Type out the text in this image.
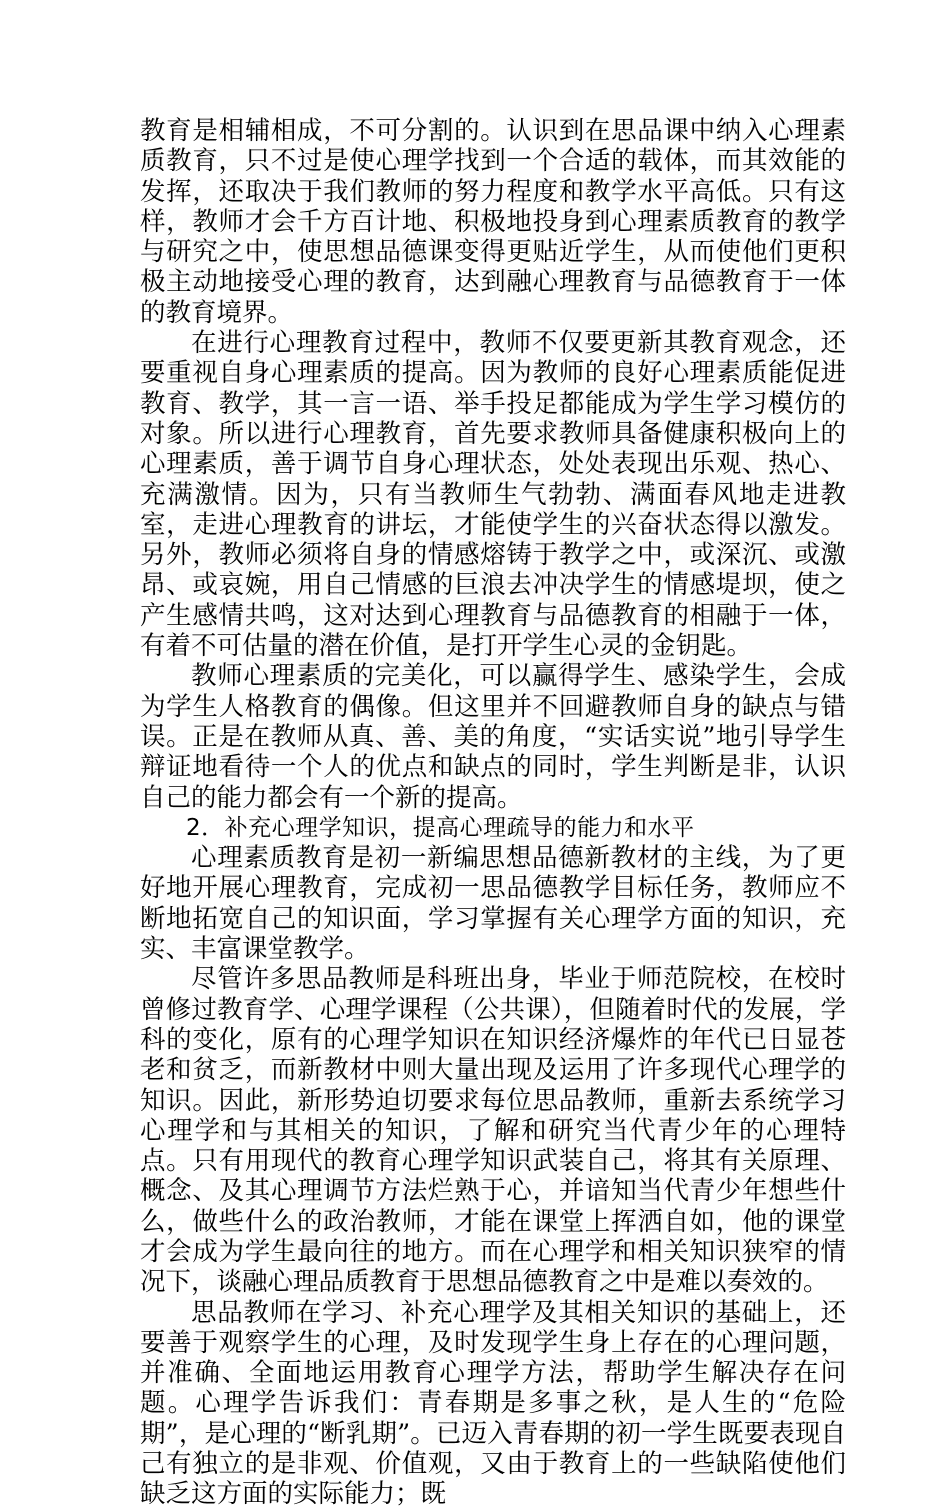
教育是相辅相成，不可分割的。认识到在思品课中纳入心理素质教育，只不过是使心理学找到一个合适的载体，而其效能的发挥，还取决于我们教师的努力程度和教学水平高低。只有这样，教师才会千方百计地、积极地投身到心理素质教育的教学与研究之中，使思想品德课变得更贴近学生，从而使他们更积极主动地接受心理的教育，达到融心理教育与品德教育于一体的教育境界。

在进行心理教育过程中，教师不仅要更新其教育观念，还要重视自身心理素质的提高。因为教师的良好心理素质能促进教育、教学，其一言一语、举手投足都能成为学生学习模仿的对象。所以进行心理教育，首先要求教师具备健康积极向上的心理素质，善于调节自身心理状态，处处表现出乐观、热心、充满激情。因为，只有当教师生气勃勃、满面春风地走进教室，走进心理教育的讲坛，才能使学生的兴奋状态得以激发。另外，教师必须将自身的情感熔铸于教学之中，或深沉、或激昂、或哀婉，用自己情感的巨浪去冲决学生的情感堤坝，使之产生感情共鸣，这对达到心理教育与品德教育的相融于一体，有着不可估量的潜在价值，是打开学生心灵的金钥匙。

教师心理素质的完美化，可以赢得学生、感染学生，会成为学生人格教育的偶像。但这里并不回避教师自身的缺点与错误。正是在教师从真、善、美的角度，“实话实说”地引导学生辩证地看待一个人的优点和缺点的同时，学生判断是非，认识自己的能力都会有一个新的提高。

2．补充心理学知识，提高心理疏导的能力和水平

心理素质教育是初一新编思想品德新教材的主线，为了更好地开展心理教育，完成初一思品德教学目标任务，教师应不断地拓宽自己的知识面，学习掌握有关心理学方面的知识，充实、丰富课堂教学。

尽管许多思品教师是科班出身，毕业于师范院校，在校时曾修过教育学、心理学课程（公共课），但随着时代的发展，学科的变化，原有的心理学知识在知识经济爆炸的年代已日显苍老和贫乏，而新教材中则大量出现及运用了许多现代心理学的知识。因此，新形势迫切要求每位思品教师，重新去系统学习心理学和与其相关的知识，了解和研究当代青少年的心理特点。只有用现代的教育心理学知识武装自己，将其有关原理、概念、及其心理调节方法烂熟于心，并谙知当代青少年想些什么，做些什么的政治教师，才能在课堂上挥洒自如，他的课堂才会成为学生最向往的地方。而在心理学和相关知识狭窄的情况下，谈融心理品质教育于思想品德教育之中是难以奏效的。

思品教师在学习、补充心理学及其相关知识的基础上，还要善于观察学生的心理，及时发现学生身上存在的心理问题，并准确、全面地运用教育心理学方法，帮助学生解决存在问题。心理学告诉我们：青春期是多事之秋，是人生的“危险期”，是心理的“断乳期”。已迈入青春期的初一学生既要表现自己有独立的是非观、价值观，又由于教育上的一些缺陷使他们缺乏这方面的实际能力；既
